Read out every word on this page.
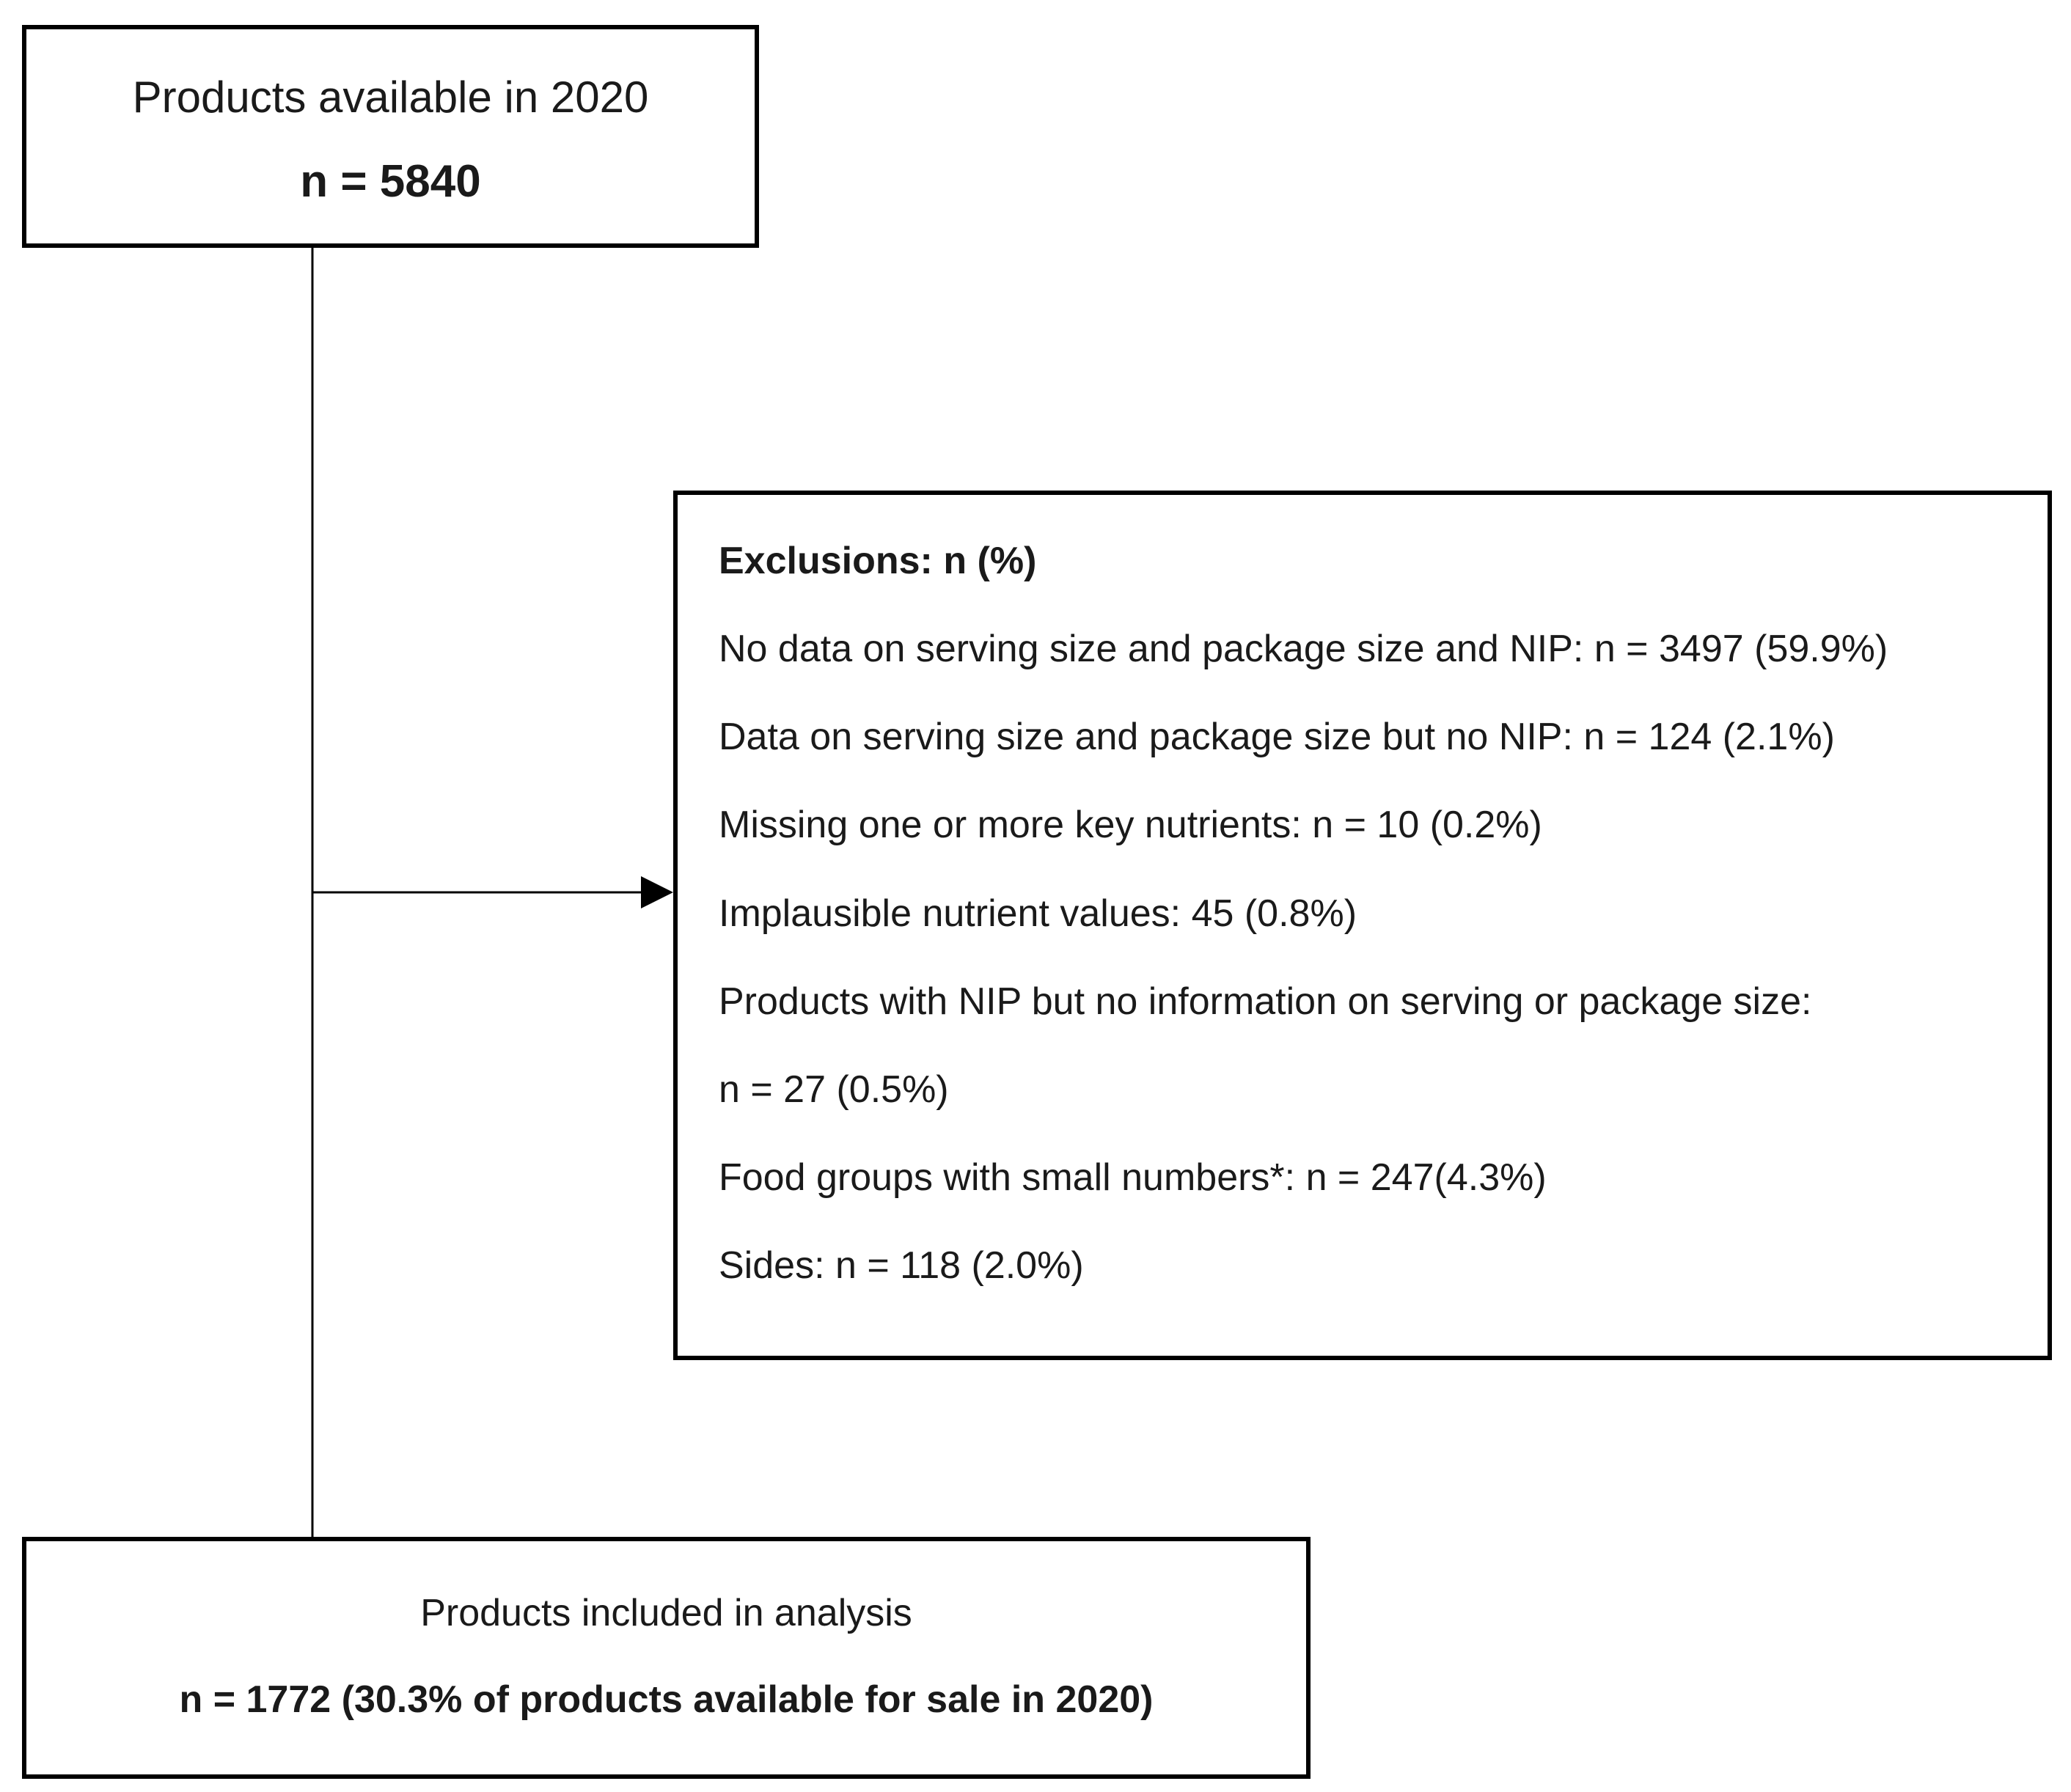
Products available in 2020
n = 5840
Exclusions: n (%)
No data on serving size and package size and NIP: n = 3497 (59.9%)
Data on serving size and package size but no NIP: n = 124 (2.1%)
Missing one or more key nutrients: n = 10 (0.2%)
Implausible nutrient values: 45 (0.8%)
Products with NIP but no information on serving or package size:
n = 27 (0.5%)
Food groups with small numbers*: n = 247(4.3%)
Sides: n = 118 (2.0%)
Products included in analysis
n = 1772 (30.3% of products available for sale in 2020)
